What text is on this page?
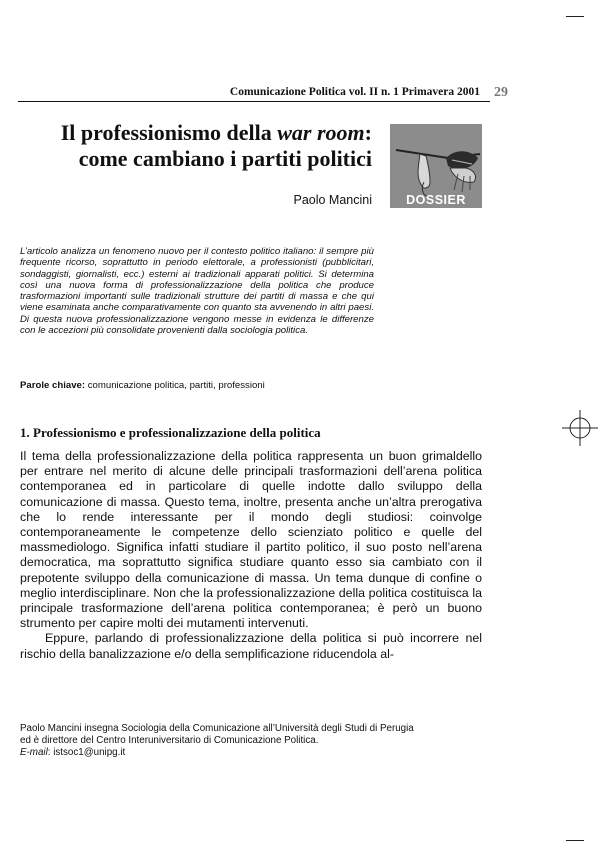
Comunicazione Politica vol. II n. 1 Primavera 2001 29
Il professionismo della war room:
come cambiano i partiti politici
Paolo Mancini	DOSSIER
L’articolo analizza un fenomeno nuovo per il contesto politico italiano: il sempre più frequente ricorso, soprattutto in periodo elettorale, a professionisti (pubblicitari, sondaggisti, giornalisti, ecc.) esterni ai tradizionali apparati politici. Si determina così una nuova forma di professionalizzazione della politica che produce trasformazioni importanti sulle tradizionali strutture dei partiti di massa e che qui viene esaminata anche comparativamente con quanto sta avvenendo in altri paesi. Di questa nuova professionalizzazione vengono messe in evidenza le differenze con le accezioni più consolidate provenienti dalla sociologia politica.
Parole chiave: comunicazione politica, partiti, professioni
1. Professionismo e professionalizzazione della politica

Il tema della professionalizzazione della politica rappresenta un buon grimaldello per entrare nel merito di alcune delle principali trasformazioni dell’arena politica contemporanea ed in particolare di quelle indotte dallo sviluppo della comunicazione di massa. Questo tema, inoltre, presenta anche un’altra prerogativa che lo rende interessante per il mondo degli studiosi: coinvolge contemporaneamente le competenze dello scienziato politico e quelle del massmediologo. Significa infatti studiare il partito politico, il suo posto nell’arena democratica, ma soprattutto significa studiare quanto esso sia cambiato con il prepotente sviluppo della comunicazione di massa. Un tema dunque di confine o meglio interdisciplinare. Non che la professionalizzazione della politica costituisca la principale trasformazione dell’arena politica contemporanea; è però un buono strumento per capire molti dei mutamenti intervenuti.

Eppure, parlando di professionalizzazione della politica si può incorrere nel rischio della banalizzazione e/o della semplificazione riducendola al-

Paolo Mancini insegna Sociologia della Comunicazione all’Università degli Studi di Perugia
ed è direttore del Centro Interuniversitario di Comunicazione Politica.
E-mail: istsoc1@unipg.it
